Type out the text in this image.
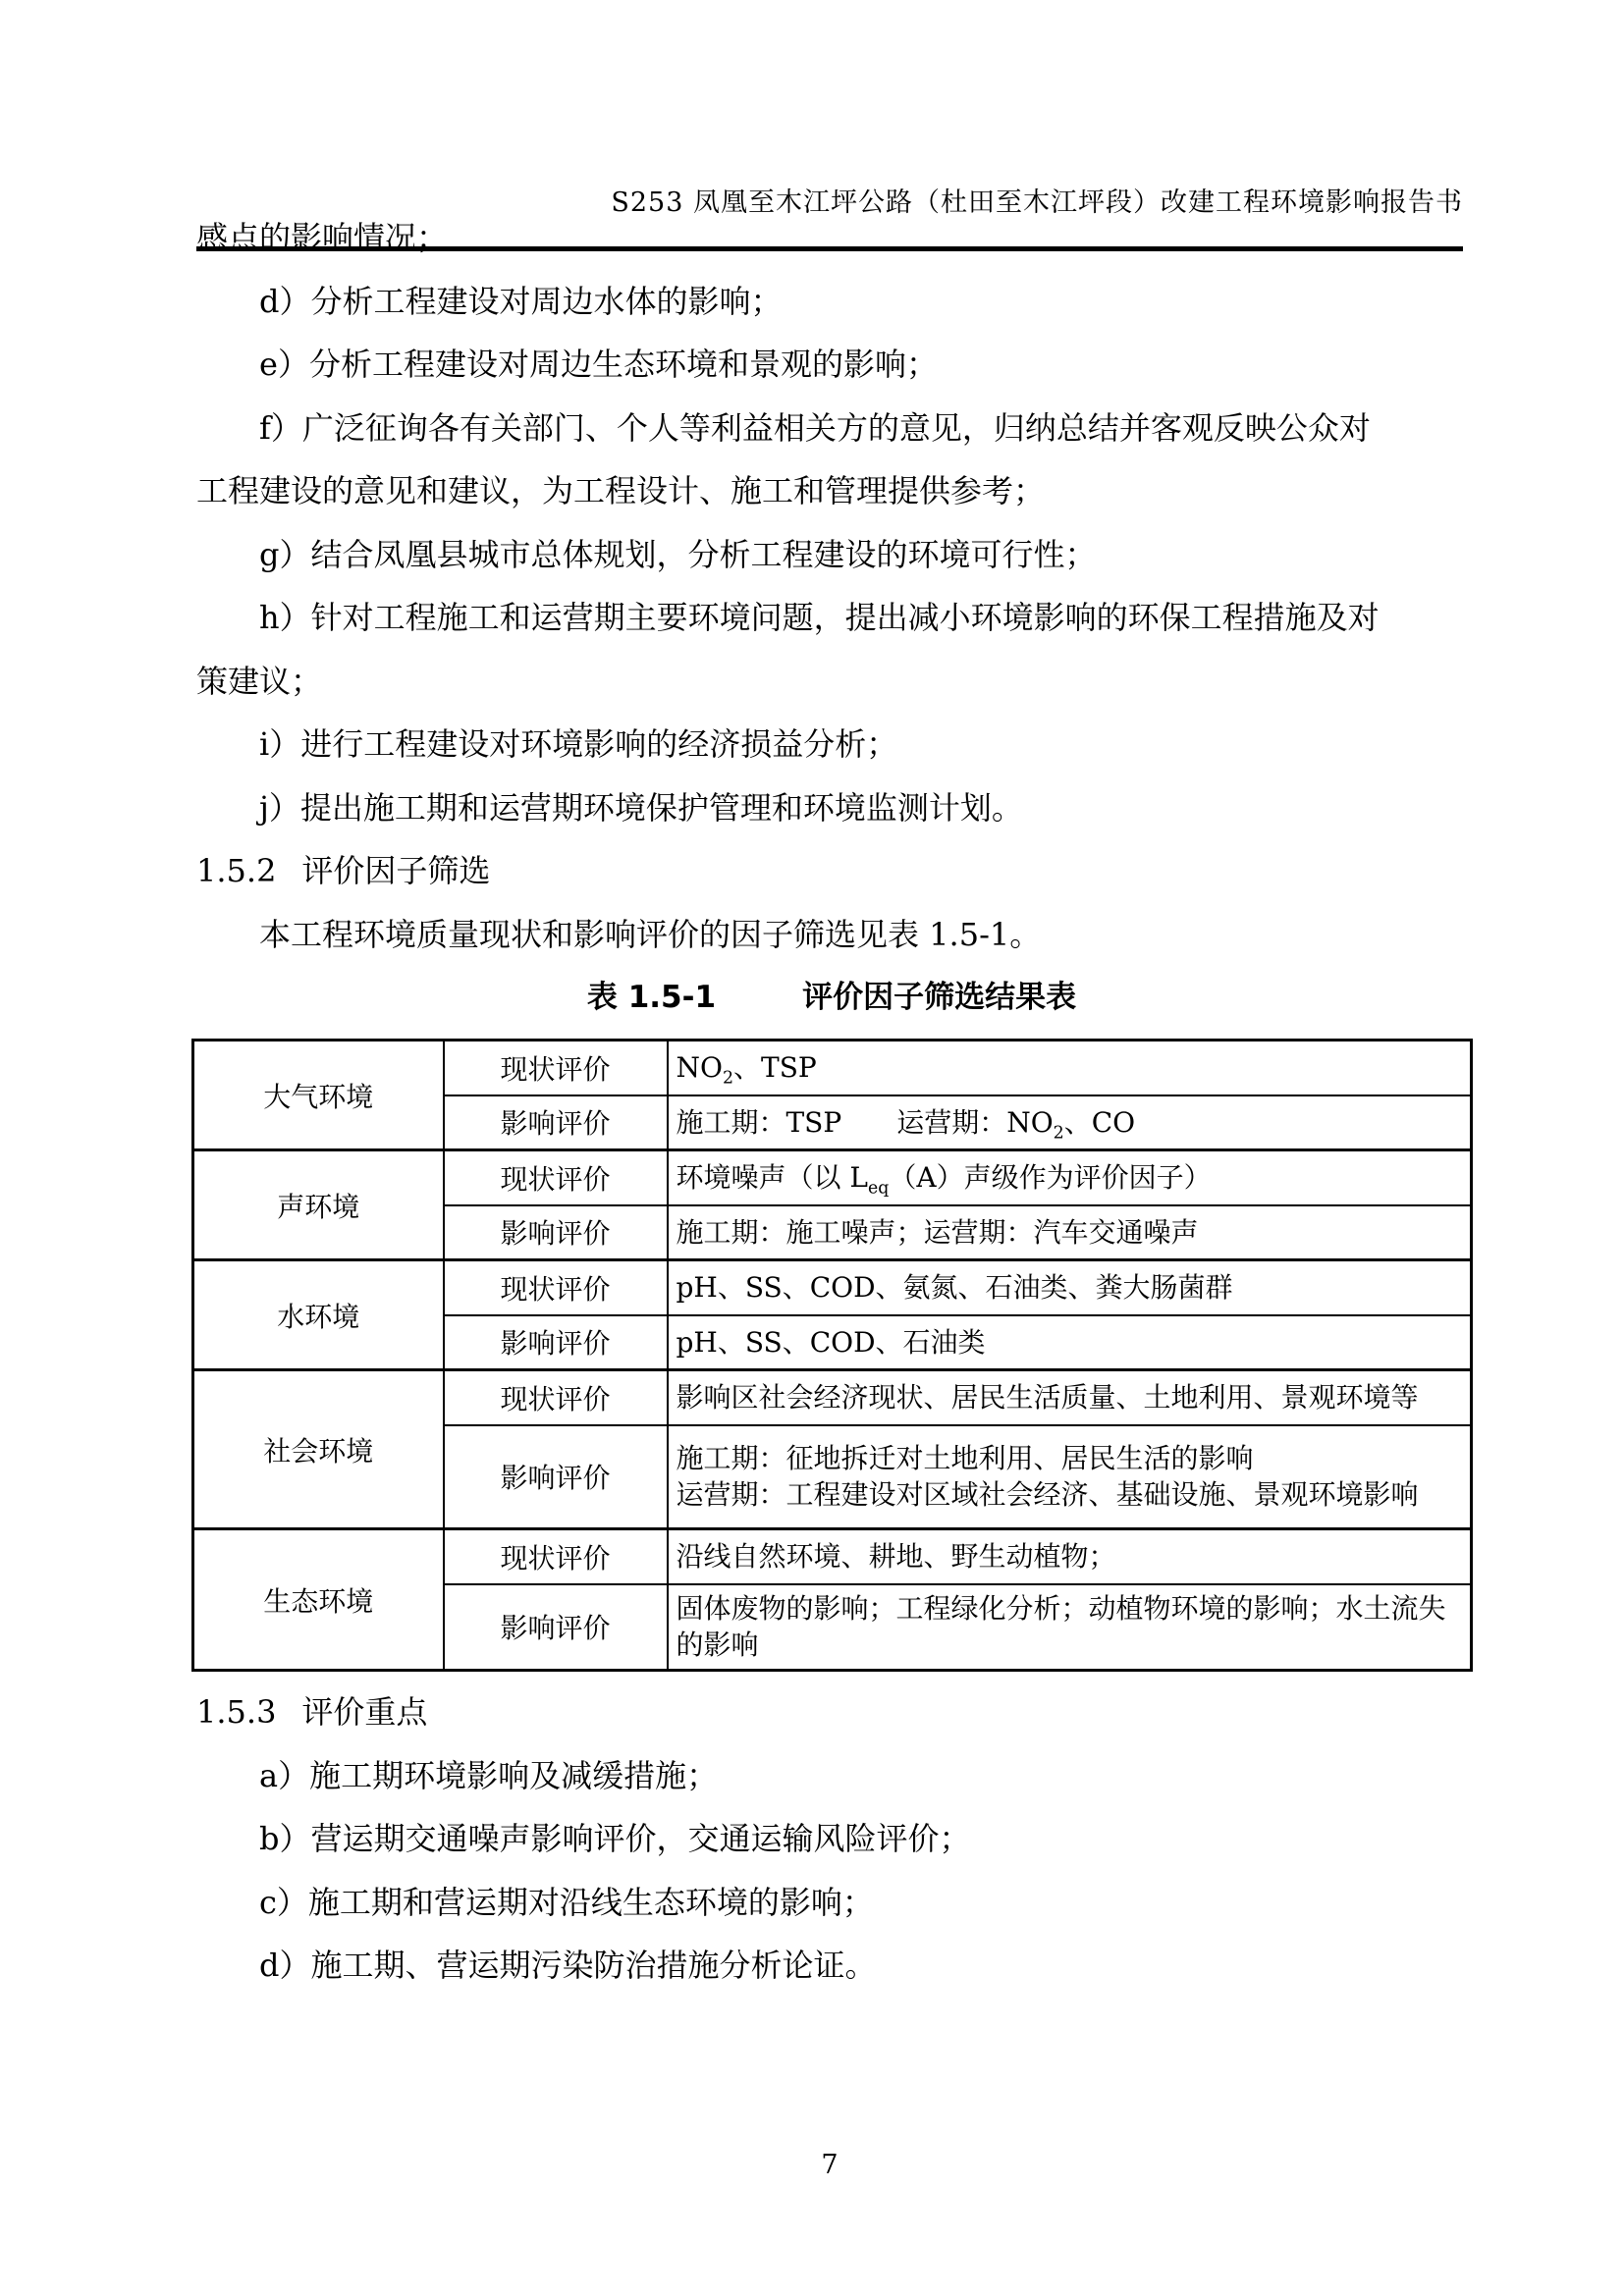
S253 凤凰至木江坪公路（杜田至木江坪段）改建工程环境影响报告书

感点的影响情况；

d）分析工程建设对周边水体的影响；

e）分析工程建设对周边生态环境和景观的影响；

f）广泛征询各有关部门、个人等利益相关方的意见，归纳总结并客观反映公众对

工程建设的意见和建议，为工程设计、施工和管理提供参考；

g）结合凤凰县城市总体规划，分析工程建设的环境可行性；

h）针对工程施工和运营期主要环境问题，提出减小环境影响的环保工程措施及对

策建议；

i）进行工程建设对环境影响的经济损益分析；

j）提出施工期和运营期环境保护管理和环境监测计划。

1.5.2 评价因子筛选

本工程环境质量现状和影响评价的因子筛选见表 1.5-1。

表 1.5-1	评价因子筛选结果表

大气环境	现状评价	$NO_2$、TSP
	影响评价	施工期：TSP　　运营期：$NO_2$、CO
声环境	现状评价	环境噪声（以 $L_{eq}(A)$声级作为评价因子）
	影响评价	施工期：施工噪声；运营期：汽车交通噪声
水环境	现状评价	pH、SS、COD、氨氮、石油类、粪大肠菌群
	影响评价	pH、SS、COD、石油类
社会环境	现状评价	影响区社会经济现状、居民生活质量、土地利用、景观环境等
	影响评价	施工期：征地拆迁对土地利用、居民生活的影响
运营期：工程建设对区域社会经济、基础设施、景观环境影响
生态环境	现状评价	沿线自然环境、耕地、野生动植物；
	影响评价	固体废物的影响；工程绿化分析；动植物环境的影响；水土流失的影响

1.5.3 评价重点

a）施工期环境影响及减缓措施；

b）营运期交通噪声影响评价，交通运输风险评价；

c）施工期和营运期对沿线生态环境的影响；

d）施工期、营运期污染防治措施分析论证。

7
